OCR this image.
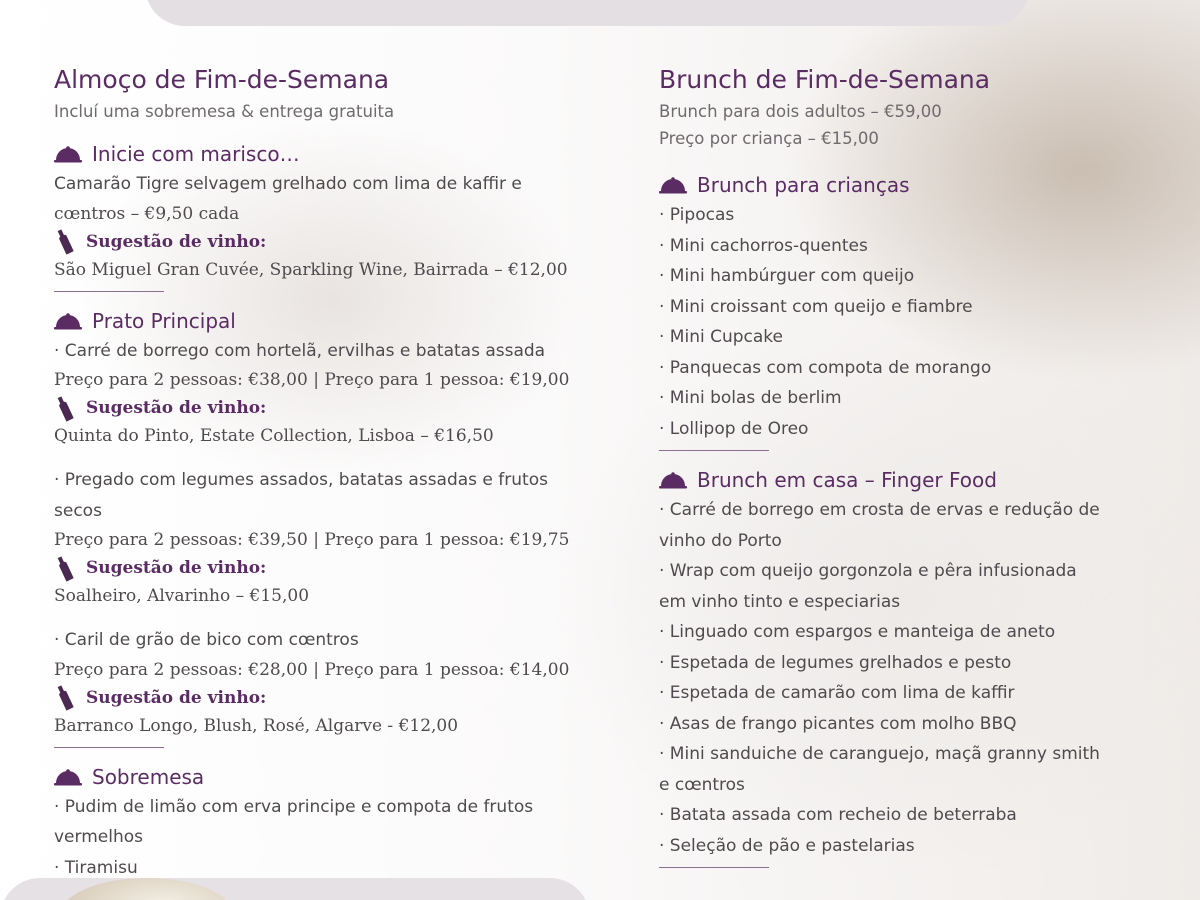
Almoço de Fim-de-Semana
Incluí uma sobremesa & entrega gratuita
Inicie com marisco…
Camarão Tigre selvagem grelhado com lima de kaffir e
cœntros – €9,50 cada
Sugestão de vinho:
São Miguel Gran Cuvée, Sparkling Wine, Bairrada – €12,00
Prato Principal
· Carré de borrego com hortelã, ervilhas e batatas assada
Preço para 2 pessoas: €38,00 | Preço para 1 pessoa: €19,00
Sugestão de vinho:
Quinta do Pinto, Estate Collection, Lisboa – €16,50
· Pregado com legumes assados, batatas assadas e frutos
secos
Preço para 2 pessoas: €39,50 | Preço para 1 pessoa: €19,75
Sugestão de vinho:
Soalheiro, Alvarinho – €15,00
· Caril de grão de bico com cœntros
Preço para 2 pessoas: €28,00 | Preço para 1 pessoa: €14,00
Sugestão de vinho:
Barranco Longo, Blush, Rosé, Algarve - €12,00
Sobremesa
· Pudim de limão com erva principe e compota de frutos
vermelhos
· Tiramisu
Brunch de Fim-de-Semana
Brunch para dois adultos – €59,00
Preço por criança – €15,00
Brunch para crianças
· Pipocas
· Mini cachorros-quentes
· Mini hambúrguer com queijo
· Mini croissant com queijo e fiambre
· Mini Cupcake
· Panquecas com compota de morango
· Mini bolas de berlim
· Lollipop de Oreo
Brunch em casa – Finger Food
· Carré de borrego em crosta de ervas e redução de
vinho do Porto
· Wrap com queijo gorgonzola e pêra infusionada
em vinho tinto e especiarias
· Linguado com espargos e manteiga de aneto
· Espetada de legumes grelhados e pesto
· Espetada de camarão com lima de kaffir
· Asas de frango picantes com molho BBQ
· Mini sanduiche de caranguejo, maçã granny smith
e cœntros
· Batata assada com recheio de beterraba
· Seleção de pão e pastelarias
